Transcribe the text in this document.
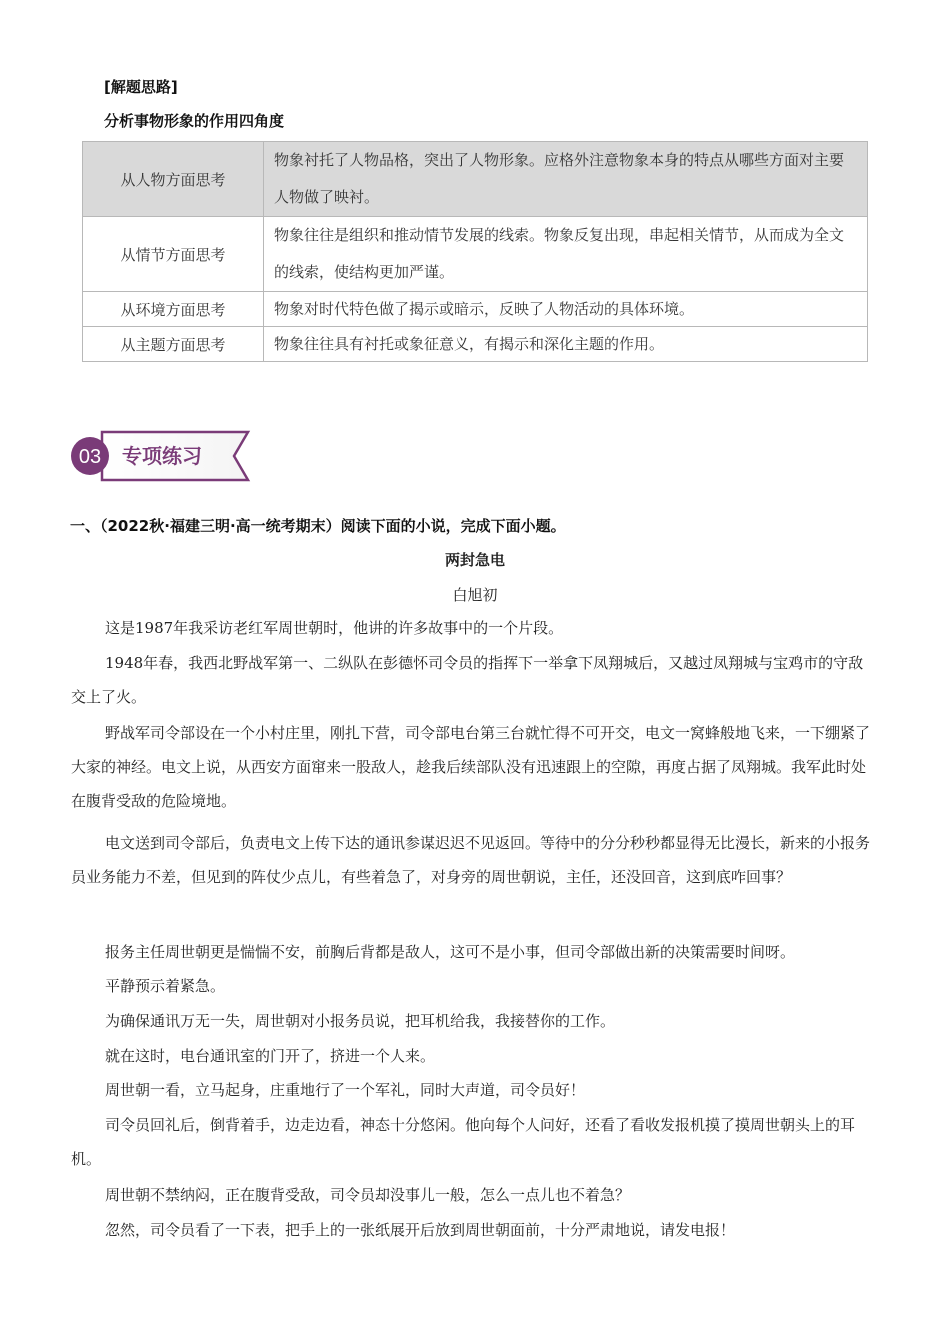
[解题思路]
分析事物形象的作用四角度
从人物方面思考	物象衬托了人物品格，突出了人物形象。应格外注意物象本身的特点从哪些方面对主要人物做了映衬。
从情节方面思考	物象往往是组织和推动情节发展的线索。物象反复出现，串起相关情节，从而成为全文的线索，使结构更加严谨。
从环境方面思考	物象对时代特色做了揭示或暗示，反映了人物活动的具体环境。
从主题方面思考	物象往往具有衬托或象征意义，有揭示和深化主题的作用。
03 专项练习
一、（2022秋·福建三明·高一统考期末）阅读下面的小说，完成下面小题。
两封急电
白旭初
这是1987年我采访老红军周世朝时，他讲的许多故事中的一个片段。
1948年春，我西北野战军第一、二纵队在彭德怀司令员的指挥下一举拿下凤翔城后，又越过凤翔城与宝鸡市的守敌交上了火。
野战军司令部设在一个小村庄里，刚扎下营，司令部电台第三台就忙得不可开交，电文一窝蜂般地飞来，一下绷紧了大家的神经。电文上说，从西安方面窜来一股敌人，趁我后续部队没有迅速跟上的空隙，再度占据了凤翔城。我军此时处在腹背受敌的危险境地。
电文送到司令部后，负责电文上传下达的通讯参谋迟迟不见返回。等待中的分分秒秒都显得无比漫长，新来的小报务员业务能力不差，但见到的阵仗少点儿，有些着急了，对身旁的周世朝说，主任，还没回音，这到底咋回事？
报务主任周世朝更是惴惴不安，前胸后背都是敌人，这可不是小事，但司令部做出新的决策需要时间呀。
平静预示着紧急。
为确保通讯万无一失，周世朝对小报务员说，把耳机给我，我接替你的工作。
就在这时，电台通讯室的门开了，挤进一个人来。
周世朝一看，立马起身，庄重地行了一个军礼，同时大声道，司令员好！
司令员回礼后，倒背着手，边走边看，神态十分悠闲。他向每个人问好，还看了看收发报机摸了摸周世朝头上的耳机。
周世朝不禁纳闷，正在腹背受敌，司令员却没事儿一般，怎么一点儿也不着急？
忽然，司令员看了一下表，把手上的一张纸展开后放到周世朝面前，十分严肃地说，请发电报！
